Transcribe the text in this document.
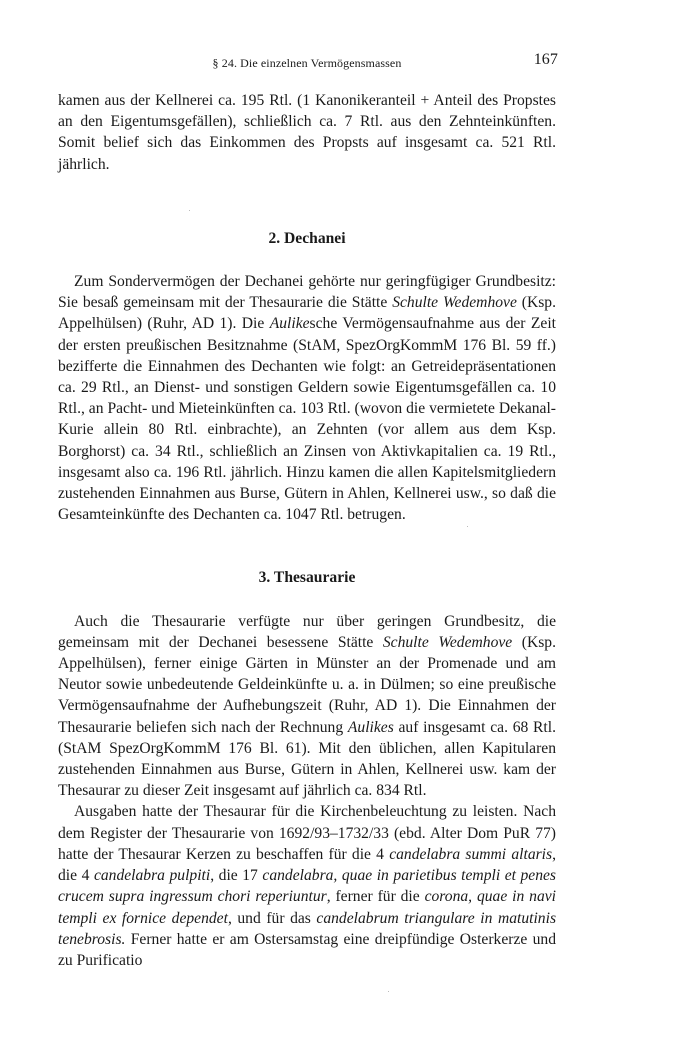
§ 24. Die einzelnen Vermögensmassen	167

kamen aus der Kellnerei ca. 195 Rtl. (1 Kanonikeranteil + Anteil des Propstes an den Eigentumsgefällen), schließlich ca. 7 Rtl. aus den Zehnteinkünften. Somit belief sich das Einkommen des Propsts auf insgesamt ca. 521 Rtl. jährlich.

2. Dechanei

Zum Sondervermögen der Dechanei gehörte nur geringfügiger Grundbesitz: Sie besaß gemeinsam mit der Thesaurarie die Stätte Schulte Wedemhove (Ksp. Appelhülsen) (Ruhr, AD 1). Die Aulikesche Vermögensaufnahme aus der Zeit der ersten preußischen Besitznahme (StAM, SpezOrgKommM 176 Bl. 59 ff.) bezifferte die Einnahmen des Dechanten wie folgt: an Getreidepräsentationen ca. 29 Rtl., an Dienst- und sonstigen Geldern sowie Eigentumsgefällen ca. 10 Rtl., an Pacht- und Mieteinkünften ca. 103 Rtl. (wovon die vermietete Dekanal-Kurie allein 80 Rtl. einbrachte), an Zehnten (vor allem aus dem Ksp. Borghorst) ca. 34 Rtl., schließlich an Zinsen von Aktivkapitalien ca. 19 Rtl., insgesamt also ca. 196 Rtl. jährlich. Hinzu kamen die allen Kapitelsmitgliedern zustehenden Einnahmen aus Burse, Gütern in Ahlen, Kellnerei usw., so daß die Gesamteinkünfte des Dechanten ca. 1047 Rtl. betrugen.

3. Thesaurarie

Auch die Thesaurarie verfügte nur über geringen Grundbesitz, die gemeinsam mit der Dechanei besessene Stätte Schulte Wedemhove (Ksp. Appelhülsen), ferner einige Gärten in Münster an der Promenade und am Neutor sowie unbedeutende Geldeinkünfte u. a. in Dülmen; so eine preußische Vermögensaufnahme der Aufhebungszeit (Ruhr, AD 1). Die Einnahmen der Thesaurarie beliefen sich nach der Rechnung Aulikes auf insgesamt ca. 68 Rtl. (StAM SpezOrgKommM 176 Bl. 61). Mit den üblichen, allen Kapitularen zustehenden Einnahmen aus Burse, Gütern in Ahlen, Kellnerei usw. kam der Thesaurar zu dieser Zeit insgesamt auf jährlich ca. 834 Rtl.

Ausgaben hatte der Thesaurar für die Kirchenbeleuchtung zu leisten. Nach dem Register der Thesaurarie von 1692/93–1732/33 (ebd. Alter Dom PuR 77) hatte der Thesaurar Kerzen zu beschaffen für die 4 candelabra summi altaris, die 4 candelabra pulpiti, die 17 candelabra, quae in parietibus templi et penes crucem supra ingressum chori reperiuntur, ferner für die corona, quae in navi templi ex fornice dependet, und für das candelabrum triangulare in matutinis tenebrosis. Ferner hatte er am Ostersamstag eine dreipfündige Osterkerze und zu Purificatio
